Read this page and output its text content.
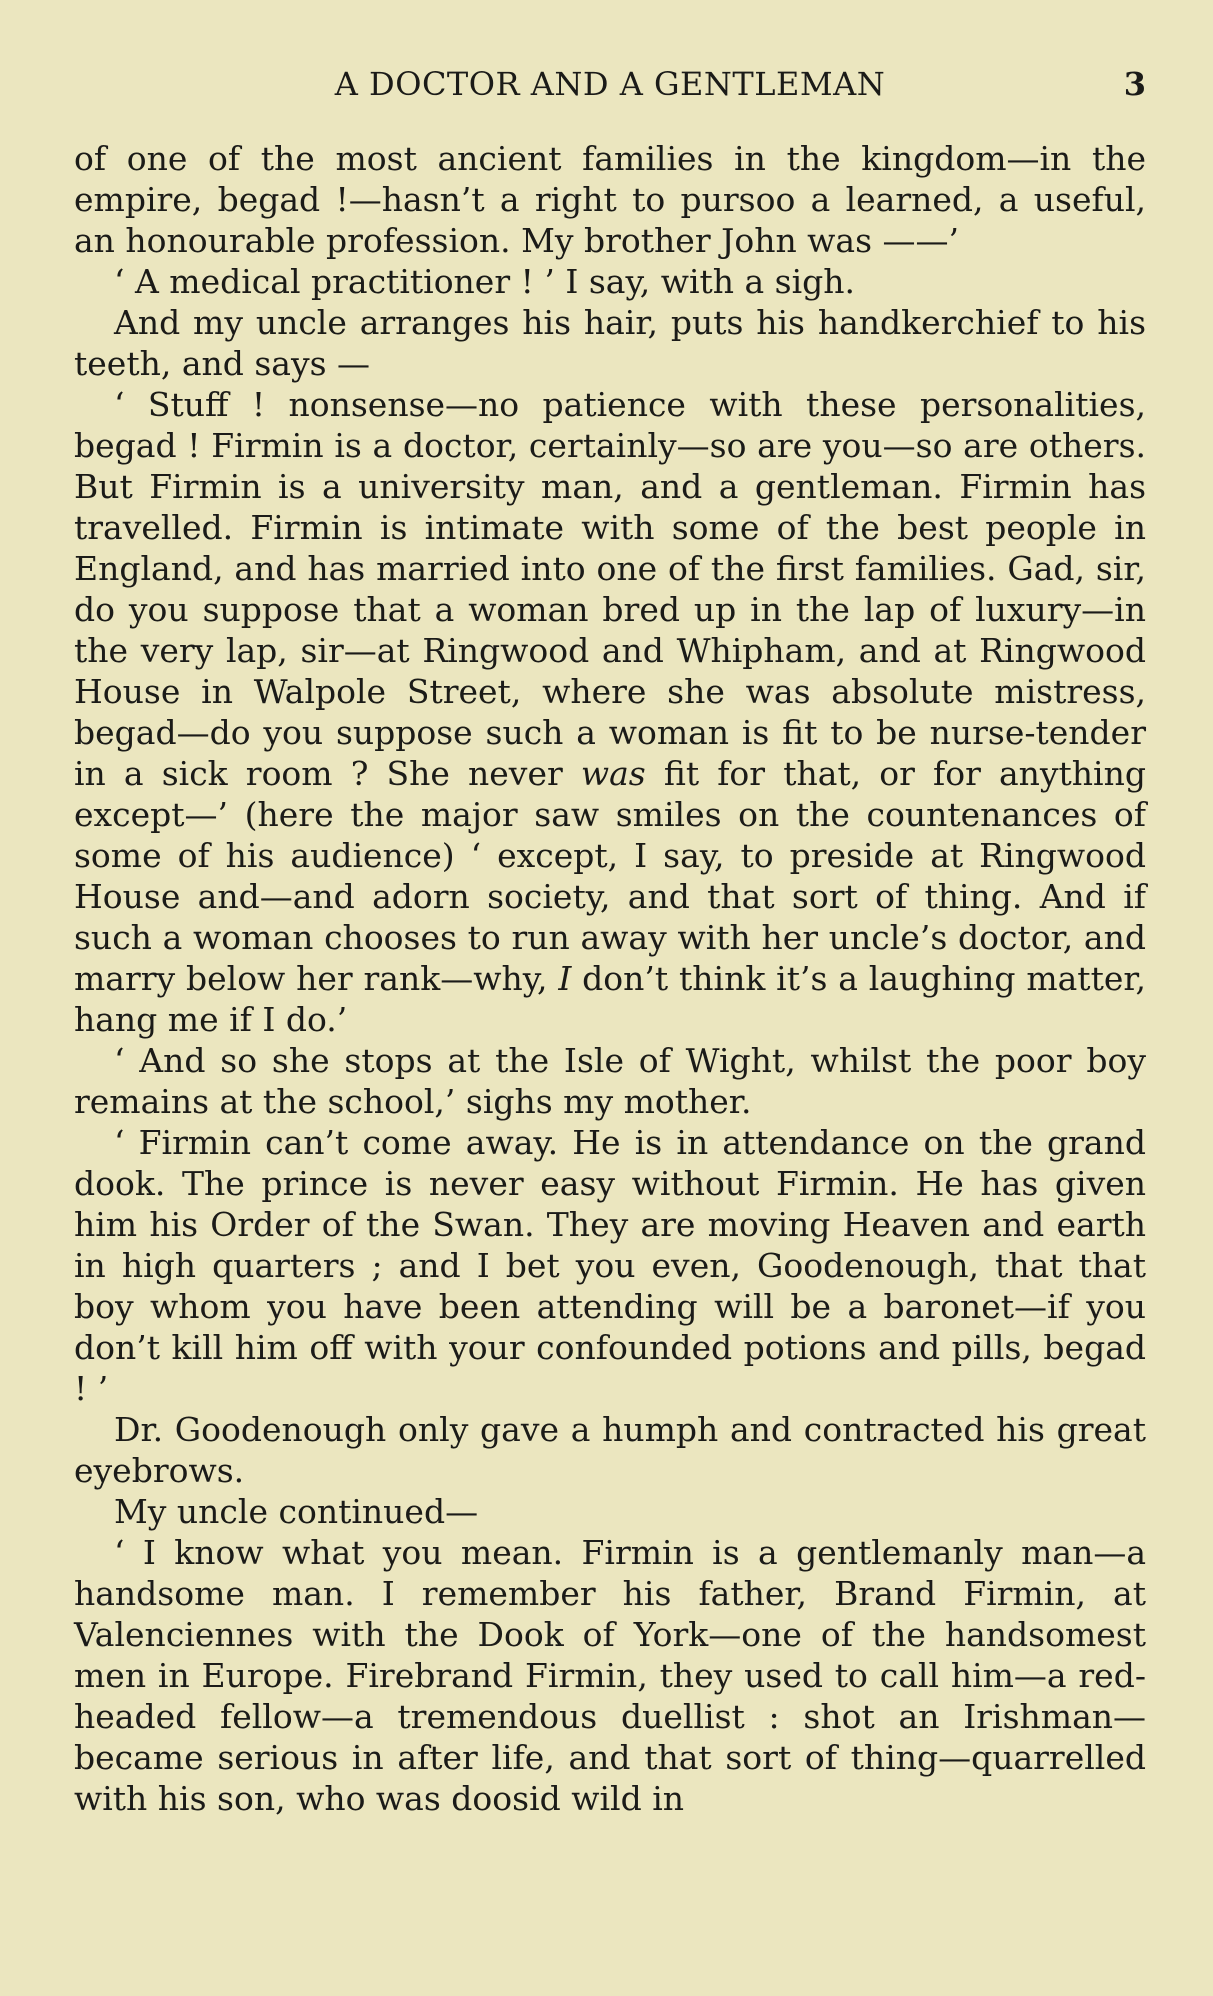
A DOCTOR AND A GENTLEMAN	3

of one of the most ancient families in the kingdom—in the empire, begad !—hasn’t a right to pursoo a learned, a useful, an honourable profession. My brother John was ——’

‘ A medical practitioner ! ’ I say, with a sigh.

And my uncle arranges his hair, puts his handkerchief to his teeth, and says —

‘ Stuff ! nonsense—no patience with these personalities, begad ! Firmin is a doctor, certainly—so are you—so are others. But Firmin is a university man, and a gentleman. Firmin has travelled. Firmin is intimate with some of the best people in England, and has married into one of the first families. Gad, sir, do you suppose that a woman bred up in the lap of luxury—in the very lap, sir—at Ringwood and Whipham, and at Ringwood House in Walpole Street, where she was absolute mistress, begad—do you suppose such a woman is fit to be nurse-tender in a sick room ? She never was fit for that, or for anything except—’ (here the major saw smiles on the countenances of some of his audience) ‘ except, I say, to preside at Ringwood House and—and adorn society, and that sort of thing. And if such a woman chooses to run away with her uncle’s doctor, and marry below her rank—why, I don’t think it’s a laughing matter, hang me if I do.’

‘ And so she stops at the Isle of Wight, whilst the poor boy remains at the school,’ sighs my mother.

‘ Firmin can’t come away. He is in attendance on the grand dook. The prince is never easy without Firmin. He has given him his Order of the Swan. They are moving Heaven and earth in high quarters ; and I bet you even, Goodenough, that that boy whom you have been attending will be a baronet—if you don’t kill him off with your confounded potions and pills, begad ! ’

Dr. Goodenough only gave a humph and contracted his great eyebrows.

My uncle continued—

‘ I know what you mean. Firmin is a gentlemanly man—a handsome man. I remember his father, Brand Firmin, at Valenciennes with the Dook of York—one of the handsomest men in Europe. Firebrand Firmin, they used to call him—a red-headed fellow—a tremendous duellist : shot an Irishman—became serious in after life, and that sort of thing—quarrelled with his son, who was doosid wild in
